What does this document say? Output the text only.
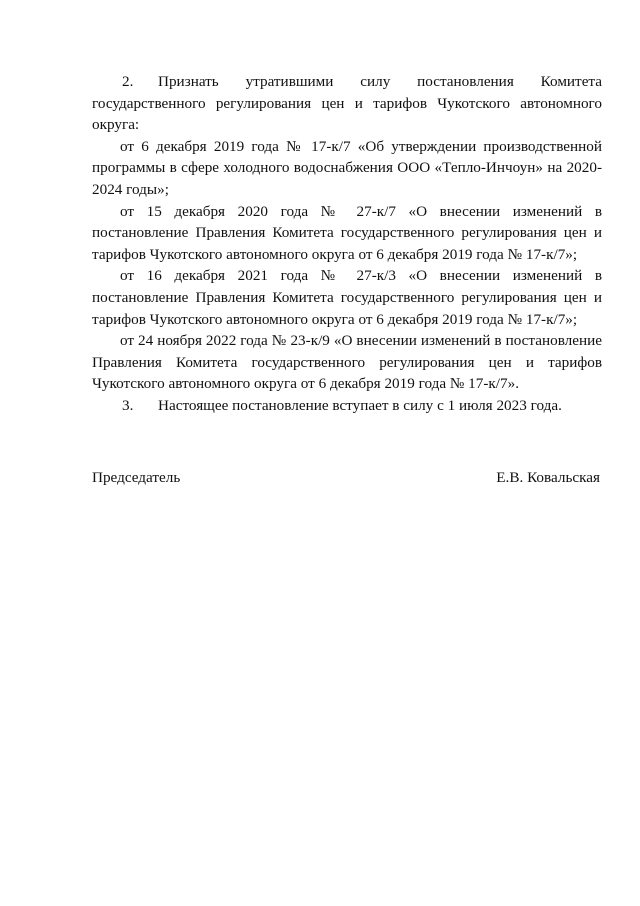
2. Признать утратившими силу постановления Комитета государственного регулирования цен и тарифов Чукотского автономного округа:

от 6 декабря 2019 года № 17-к/7 «Об утверждении производственной программы в сфере холодного водоснабжения ООО «Тепло-Инчоун» на 2020-2024 годы»;

от 15 декабря 2020 года № 27-к/7 «О внесении изменений в постановление Правления Комитета государственного регулирования цен и тарифов Чукотского автономного округа от 6 декабря 2019 года № 17-к/7»;

от 16 декабря 2021 года № 27-к/3 «О внесении изменений в постановление Правления Комитета государственного регулирования цен и тарифов Чукотского автономного округа от 6 декабря 2019 года № 17-к/7»;

от 24 ноября 2022 года № 23-к/9 «О внесении изменений в постановление Правления Комитета государственного регулирования цен и тарифов Чукотского автономного округа от 6 декабря 2019 года № 17-к/7».

3. Настоящее постановление вступает в силу с 1 июля 2023 года.

Председатель	Е.В. Ковальская
